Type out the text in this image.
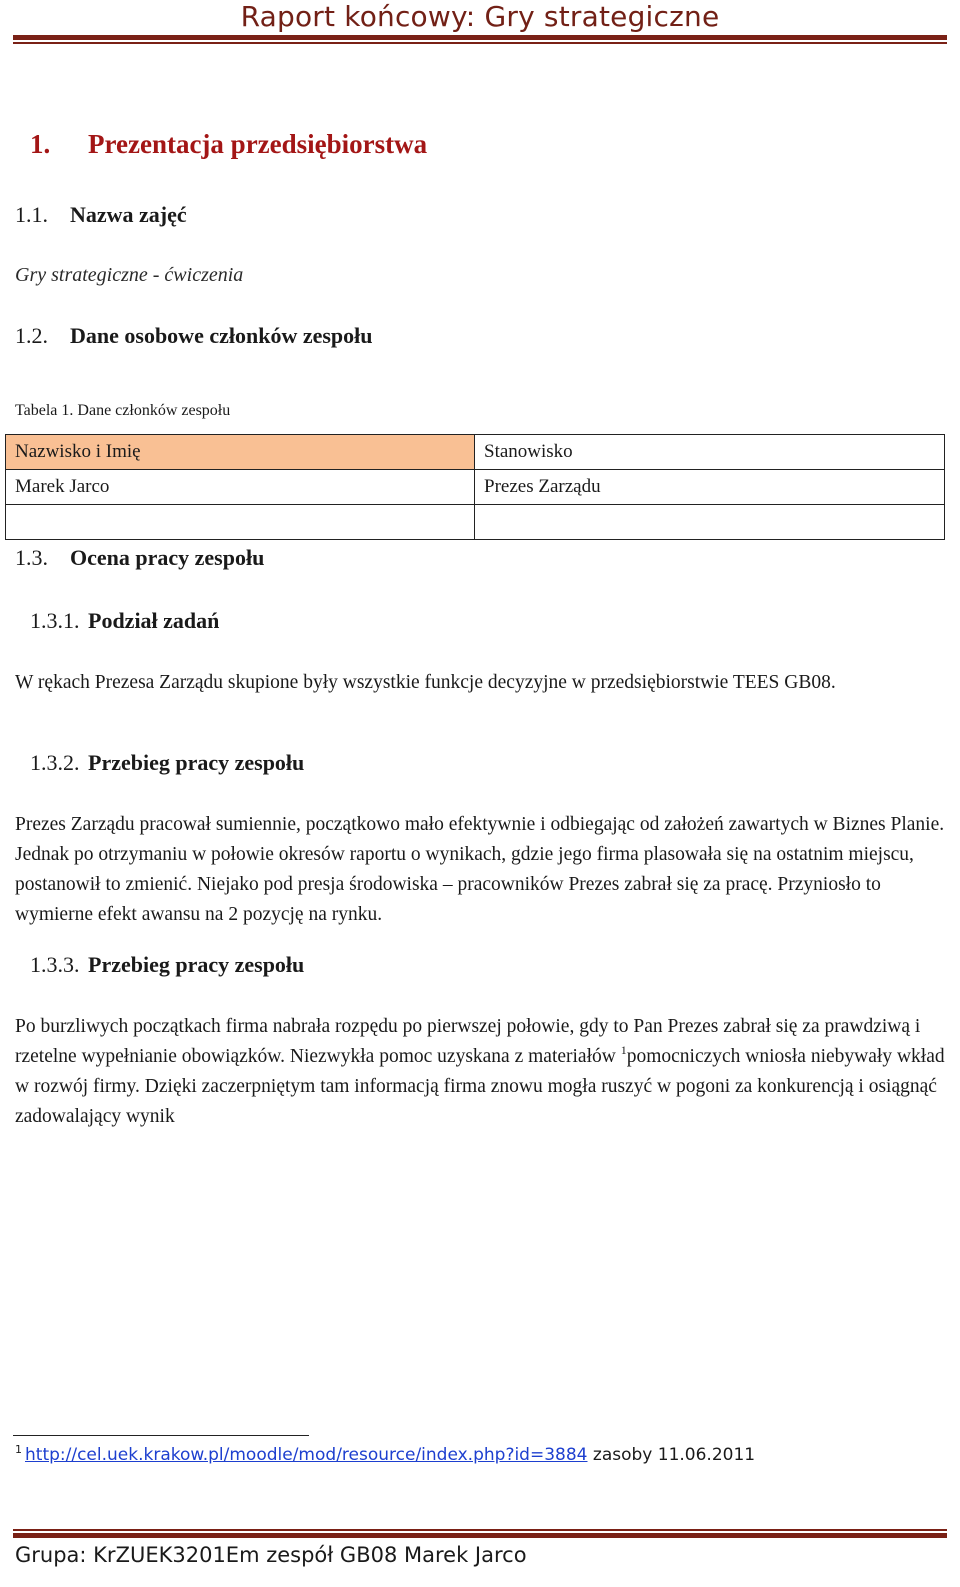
Raport końcowy: Gry strategiczne
1. Prezentacja przedsiębiorstwa
1.1. Nazwa zajęć
Gry strategiczne - ćwiczenia
1.2. Dane osobowe członków zespołu
Tabela 1. Dane członków zespołu
Nazwisko i Imię	Stanowisko
Marek Jarco	Prezes Zarządu

1.3. Ocena pracy zespołu
1.3.1. Podział zadań
W rękach Prezesa Zarządu skupione były wszystkie funkcje decyzyjne w przedsiębiorstwie TEES GB08.
1.3.2. Przebieg pracy zespołu
Prezes Zarządu pracował sumiennie, początkowo mało efektywnie i odbiegając od założeń zawartych w Biznes Planie. Jednak po otrzymaniu w połowie okresów raportu o wynikach, gdzie jego firma plasowała się na ostatnim miejscu, postanowił to zmienić. Niejako pod presja środowiska – pracowników Prezes zabrał się za pracę. Przyniosło to wymierne efekt awansu na 2 pozycję na rynku.
1.3.3. Przebieg pracy zespołu
Po burzliwych początkach firma nabrała rozpędu po pierwszej połowie, gdy to Pan Prezes zabrał się za prawdziwą i rzetelne wypełnianie obowiązków. Niezwykła pomoc uzyskana z materiałów $^1$pomocniczych wniosła niebywały wkład w rozwój firmy. Dzięki zaczerpniętym tam informacją firma znowu mogła ruszyć w pogoni za konkurencją i osiągnąć zadowalający wynik
$^1$ http://cel.uek.krakow.pl/moodle/mod/resource/index.php?id=3884 zasoby 11.06.2011
Grupa: KrZUEK3201Em zespół GB08 Marek Jarco
